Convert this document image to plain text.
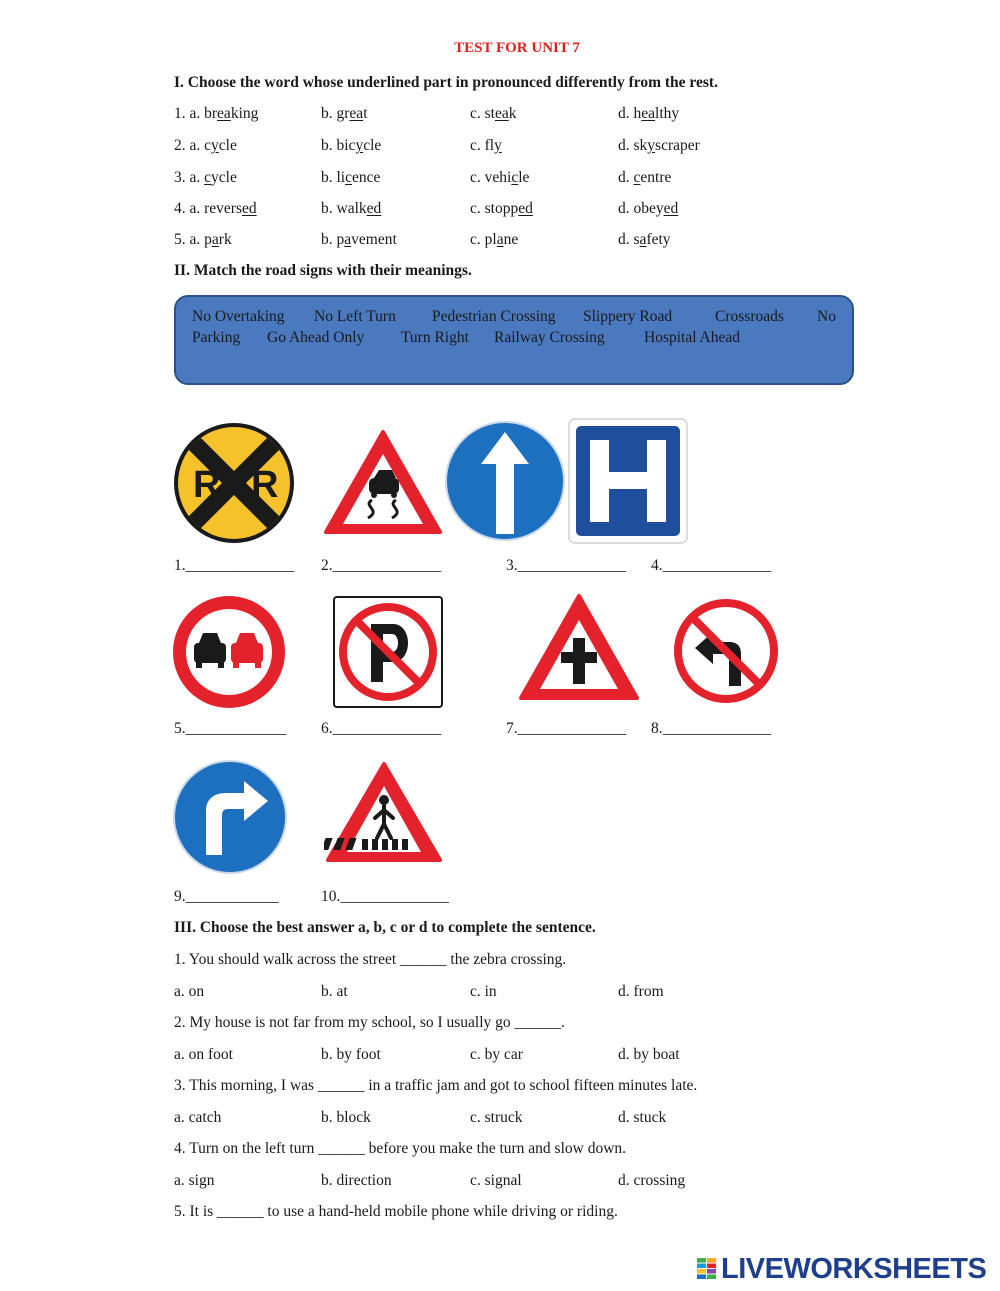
TEST FOR UNIT 7
I. Choose the word whose underlined part in pronounced differently from the rest.
1. a. breaking	b. great	c. steak	d. healthy
2. a. cycle	b. bicycle	c. fly	d. skyscraper
3. a. cycle	b. licence	c. vehicle	d. centre
4. a. reversed	b. walked	c. stopped	d. obeyed
5. a. park	b. pavement	c. plane	d. safety
II. Match the road signs with their meanings.
No Overtaking No Left Turn Pedestrian Crossing Slippery Road	Crossroads No
Parking Go Ahead Only Turn Right Railway Crossing	Hospital Ahead
R R
1.______________ 2.______________	3.______________ 4.______________
5._____________ 6.______________	7.______________ 8.______________
9.____________	10.______________
III. Choose the best answer a, b, c or d to complete the sentence.
1. You should walk across the street ______ the zebra crossing.
a. on	b. at	c. in	d. from
2. My house is not far from my school, so I usually go ______.
a. on foot	b. by foot	c. by car	d. by boat
3. This morning, I was ______ in a traffic jam and got to school fifteen minutes late.
a. catch	b. block	c. struck	d. stuck
4. Turn on the left turn ______ before you make the turn and slow down.
a. sign	b. direction	c. signal	d. crossing
5. It is ______ to use a hand-held mobile phone while driving or riding.
LIVEWORKSHEETS
